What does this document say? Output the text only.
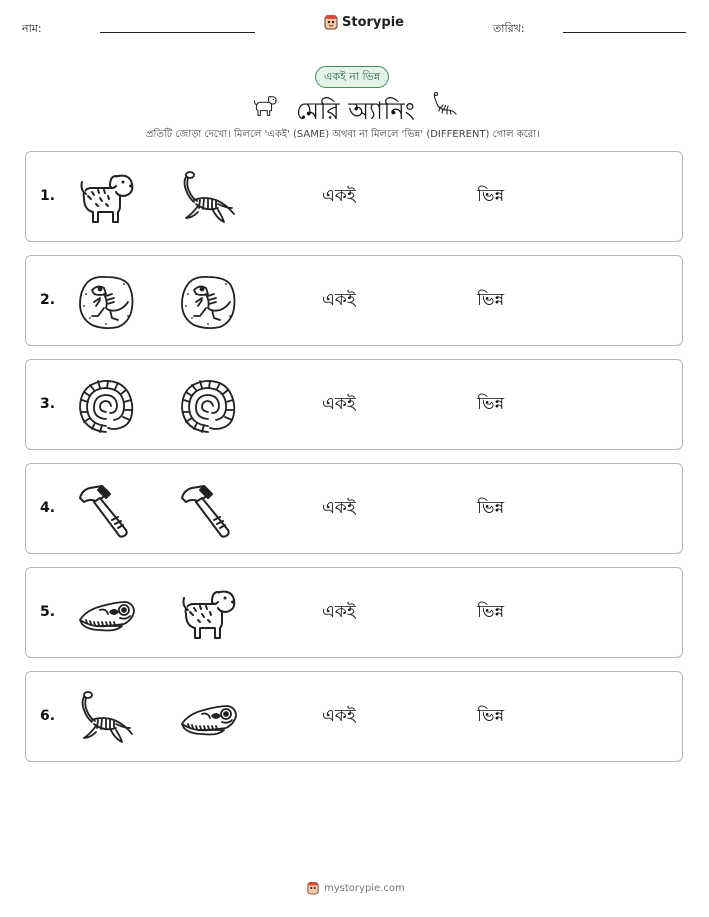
নাম:	Storypie	তারিখ:
একই না ভিন্ন
মেরি অ্যানিং
প্রতিটি জোড়া দেখো। মিললে 'একই' (SAME) অথবা না মিললে 'ভিন্ন' (DIFFERENT) গোল করো।
1.	একই	ভিন্ন
2.	একই	ভিন্ন
3.	একই	ভিন্ন
4.	একই	ভিন্ন
5.	একই	ভিন্ন
6.	একই	ভিন্ন
mystorypie.com
